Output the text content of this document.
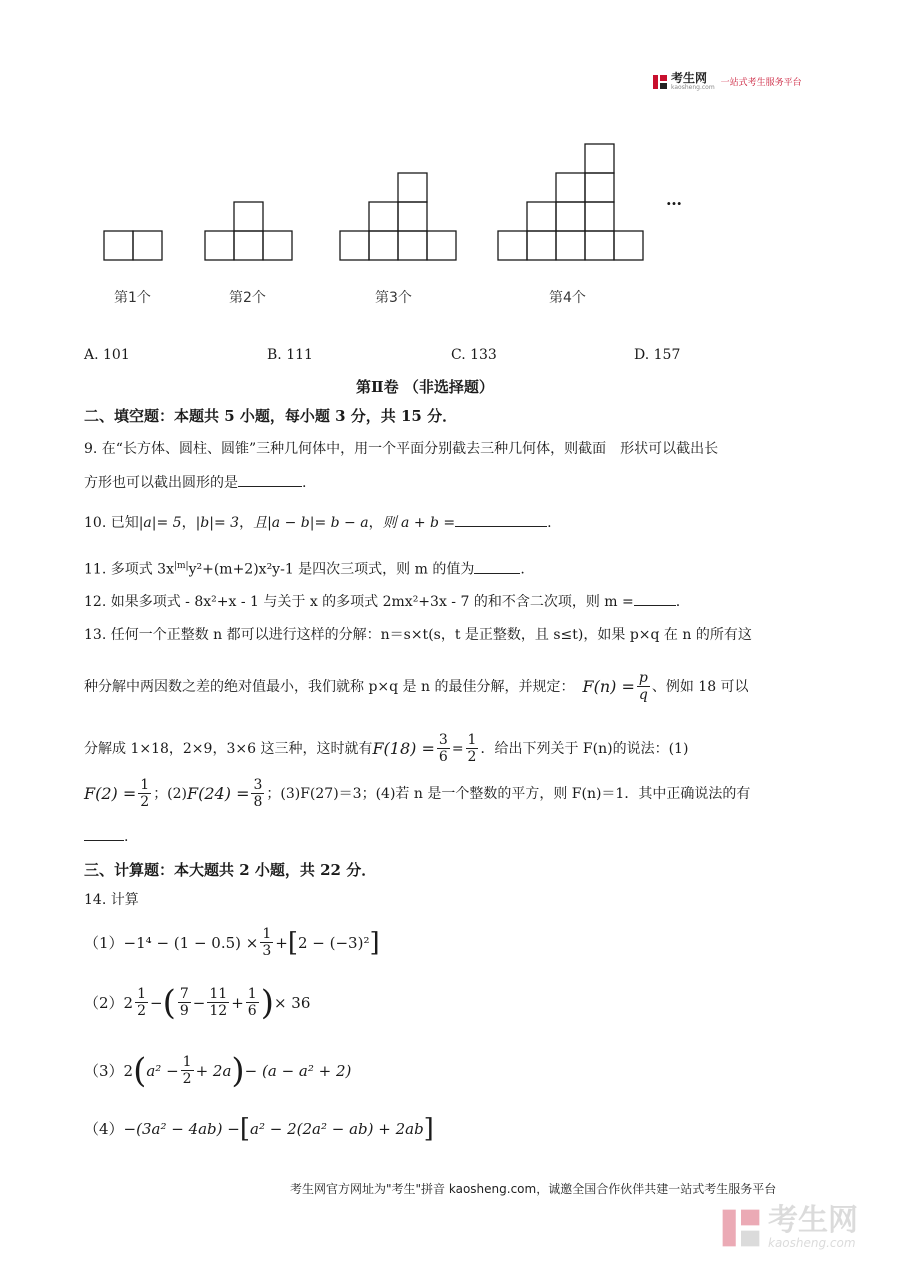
考生网
kaosheng.com 一站式考生服务平台
…
第1个	第2个	第3个	第4个
A. 101	B. 111	C. 133	D. 157
第Ⅱ卷 （非选择题）
二、填空题：本题共 5 小题，每小题 3 分，共 15 分．
9. 在“长方体、圆柱、圆锥”三种几何体中，用一个平面分别截去三种几何体，则截面　形状可以截出长
方形也可以截出圆形的是	.
10. 已知|a|= 5，|b|= 3，且|a − b|= b − a，则 a + b =	.
11. 多项式 $3x^{|m|}y^2+(m+2)x^2y-1$ 是四次三项式，则 m 的值为	.
12. 如果多项式 - 8x²+x - 1 与关于 x 的多项式 2mx²+3x - 7 的和不含二次项，则 m =	.
13. 任何一个正整数 n 都可以进行这样的分解：n＝s×t(s，t 是正整数，且 s≤t)，如果 p×q 在 n 的所有这
种分解中两因数之差的绝对值最小，我们就称 p×q 是 n 的最佳分解，并规定： $F(n) = \frac{p}{q}$ 、例如 18 可以
分解成 1×18，2×9，3×6 这三种，这时就有 $F(18) = \frac{3}{6} = \frac{1}{2}$ ．给出下列关于 F(n)的说法：(1)
$F(2) = \frac{1}{2}$ ；(2) $F(24) = \frac{3}{8}$ ；(3)F(27)＝3；(4)若 n 是一个整数的平方，则 F(n)＝1．其中正确说法的有
.
三、计算题：本大题共 2 小题，共 22 分．
14. 计算
$(1) -1^4 - (1 - 0.5) \times \frac{1}{3}$ + [ 2 − (−3)² ]
（2） $2 \frac{1}{2}$ − ( $\frac{7}{9} - \frac{11}{12} + \frac{1}{6}$ ) × 36
（3） 2 ( $a^2 - \frac{1}{2} + 2a$ ) − (a − a² + 2)
（4） −(3a² − 4ab) − [ a² − 2(2a² − ab) + 2ab ]
考生网官方网址为"考生"拼音 kaosheng.com，诚邀全国合作伙伴共建一站式考生服务平台
考生网
kaosheng.com
